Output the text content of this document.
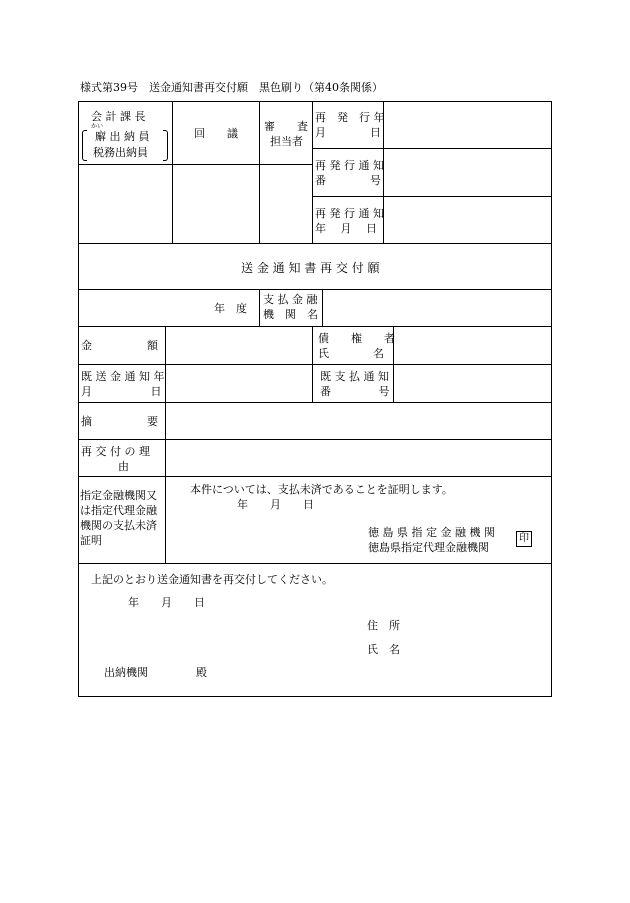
様式第39号　送金通知書再交付願　黒色刷り（第40条関係）
会 計 課 長
かい
廨 出 納 員
税務出納員
回　　議
審　　査
担当者
再　発　行 年
月　　　　日
再 発 行 通 知
番　　　　号
再 発 行 通 知
年　 月　 日
送 金 通 知 書 再 交 付 願
年　度
支 払 金 融
機　関　名
金　　　　　額
債　　権　　者
氏　　　　名
既 送 金 通 知 年
月　　　　　 日
既 支 払 通 知
番　　　　 号
摘　　　　　要
再 交 付 の 理
由
指定金融機関又
は指定代理金融
機関の支払未済
証明
本件については、支払未済であることを証明します。
年　　月　　日
徳 島 県 指 定 金 融 機 関
徳島県指定代理金融機関
印
上記のとおり送金通知書を再交付してください。
年　　月　　日
住　所
氏　名
出納機関	殿
